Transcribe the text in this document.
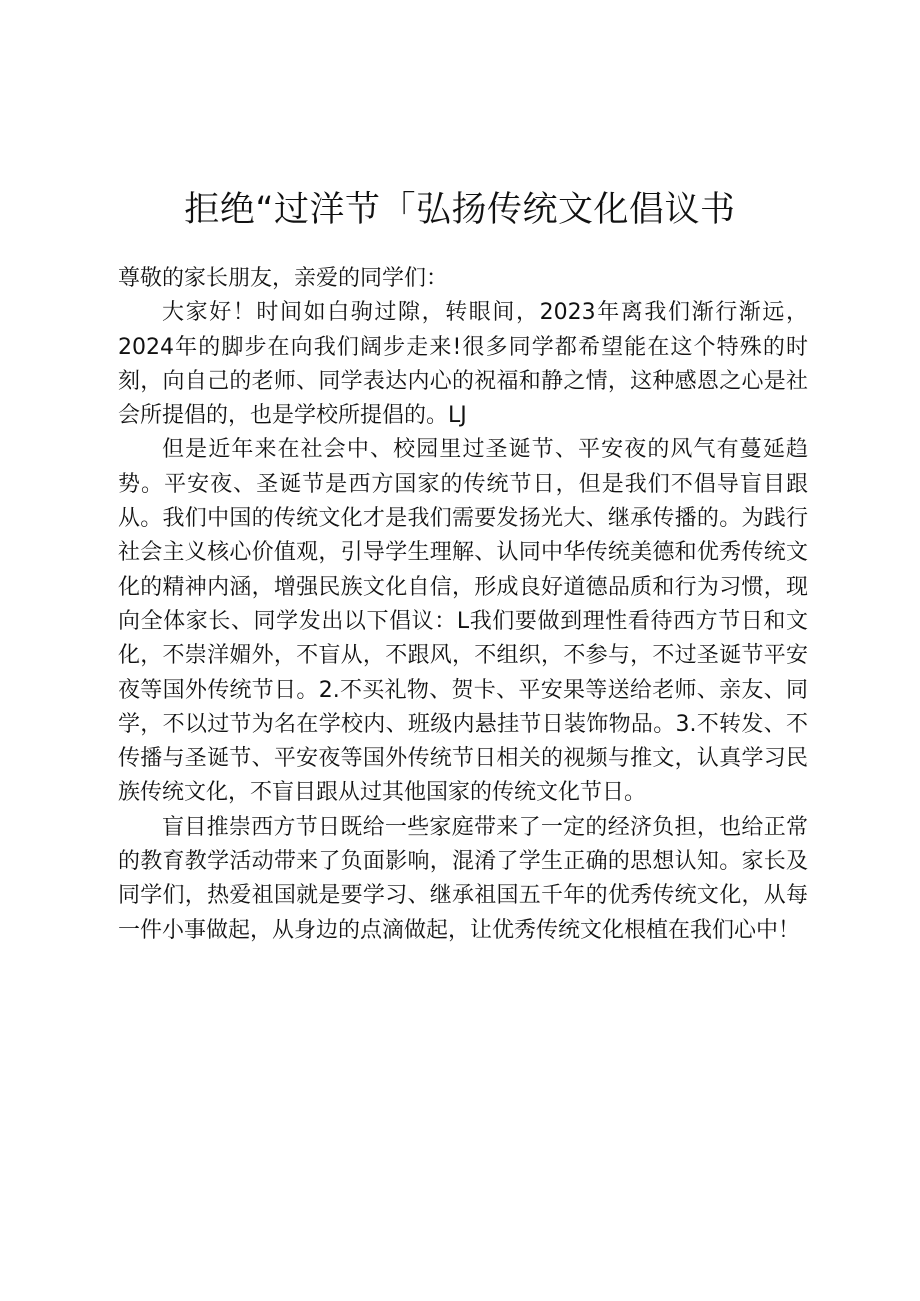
拒绝“过洋节「弘扬传统文化倡议书

尊敬的家长朋友，亲爱的同学们：

大家好！时间如白驹过隙，转眼间，2023年离我们渐行渐远，2024年的脚步在向我们阔步走来!很多同学都希望能在这个特殊的时刻，向自己的老师、同学表达内心的祝福和静之情，这种感恩之心是社会所提倡的，也是学校所提倡的。LJ

但是近年来在社会中、校园里过圣诞节、平安夜的风气有蔓延趋势。平安夜、圣诞节是西方国家的传统节日，但是我们不倡导盲目跟从。我们中国的传统文化才是我们需要发扬光大、继承传播的。为践行社会主义核心价值观，引导学生理解、认同中华传统美德和优秀传统文化的精神内涵，增强民族文化自信，形成良好道德品质和行为习惯，现向全体家长、同学发出以下倡议：L我们要做到理性看待西方节日和文化，不崇洋媚外，不盲从，不跟风，不组织，不参与，不过圣诞节平安夜等国外传统节日。2.不买礼物、贺卡、平安果等送给老师、亲友、同学，不以过节为名在学校内、班级内悬挂节日装饰物品。3.不转发、不传播与圣诞节、平安夜等国外传统节日相关的视频与推文，认真学习民族传统文化，不盲目跟从过其他国家的传统文化节日。

盲目推崇西方节日既给一些家庭带来了一定的经济负担，也给正常的教育教学活动带来了负面影响，混淆了学生正确的思想认知。家长及同学们，热爱祖国就是要学习、继承祖国五千年的优秀传统文化，从每一件小事做起，从身边的点滴做起，让优秀传统文化根植在我们心中！
